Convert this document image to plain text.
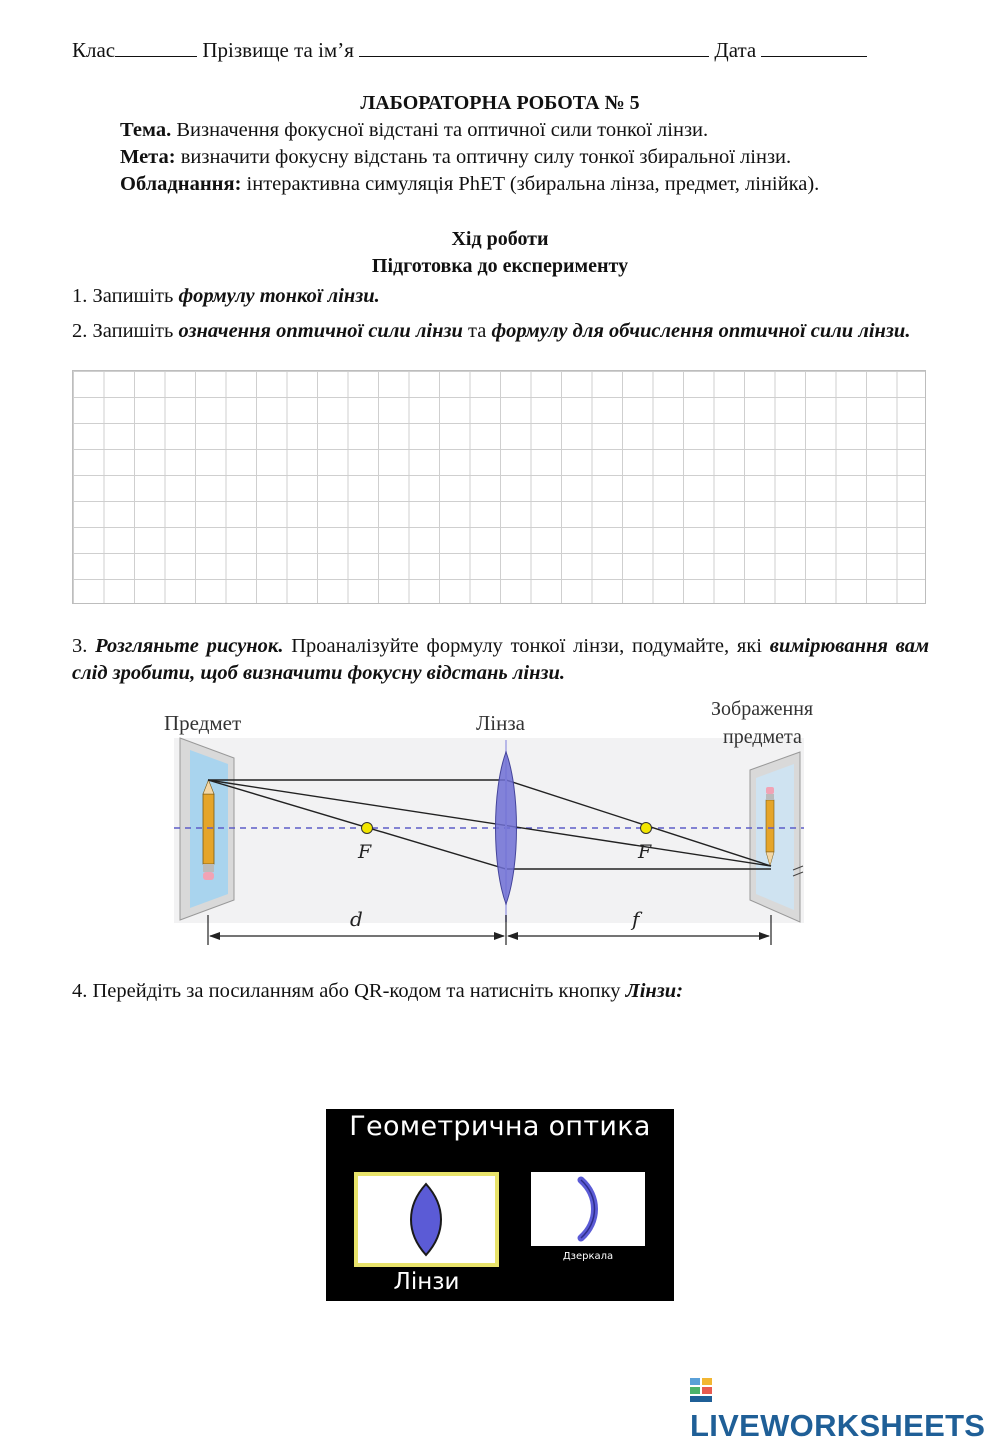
Клас	Прізвище та ім’я	Дата
ЛАБОРАТОРНА РОБОТА № 5
Тема. Визначення фокусної відстані та оптичної сили тонкої лінзи.
Мета: визначити фокусну відстань та оптичну силу тонкої збиральної лінзи.
Обладнання: інтерактивна симуляція PhET (збиральна лінза, предмет, лінійка).
Хід роботи
Підготовка до експерименту
1. Запишіть формулу тонкої лінзи.
2. Запишіть означення оптичної сили лінзи та формулу для обчислення оптичної сили лінзи.
3. Розгляньте рисунок. Проаналізуйте формулу тонкої лінзи, подумайте, які вимірювання вам слід зробити, щоб визначити фокусну відстань лінзи.
Предмет	Лінза
Зображення
предмета
F	F
d	f
4. Перейдіть за посиланням або QR-кодом та натисніть кнопку Лінзи:
Геометрична оптика
Лінзи
Дзеркала
LIVEWORKSHEETS
